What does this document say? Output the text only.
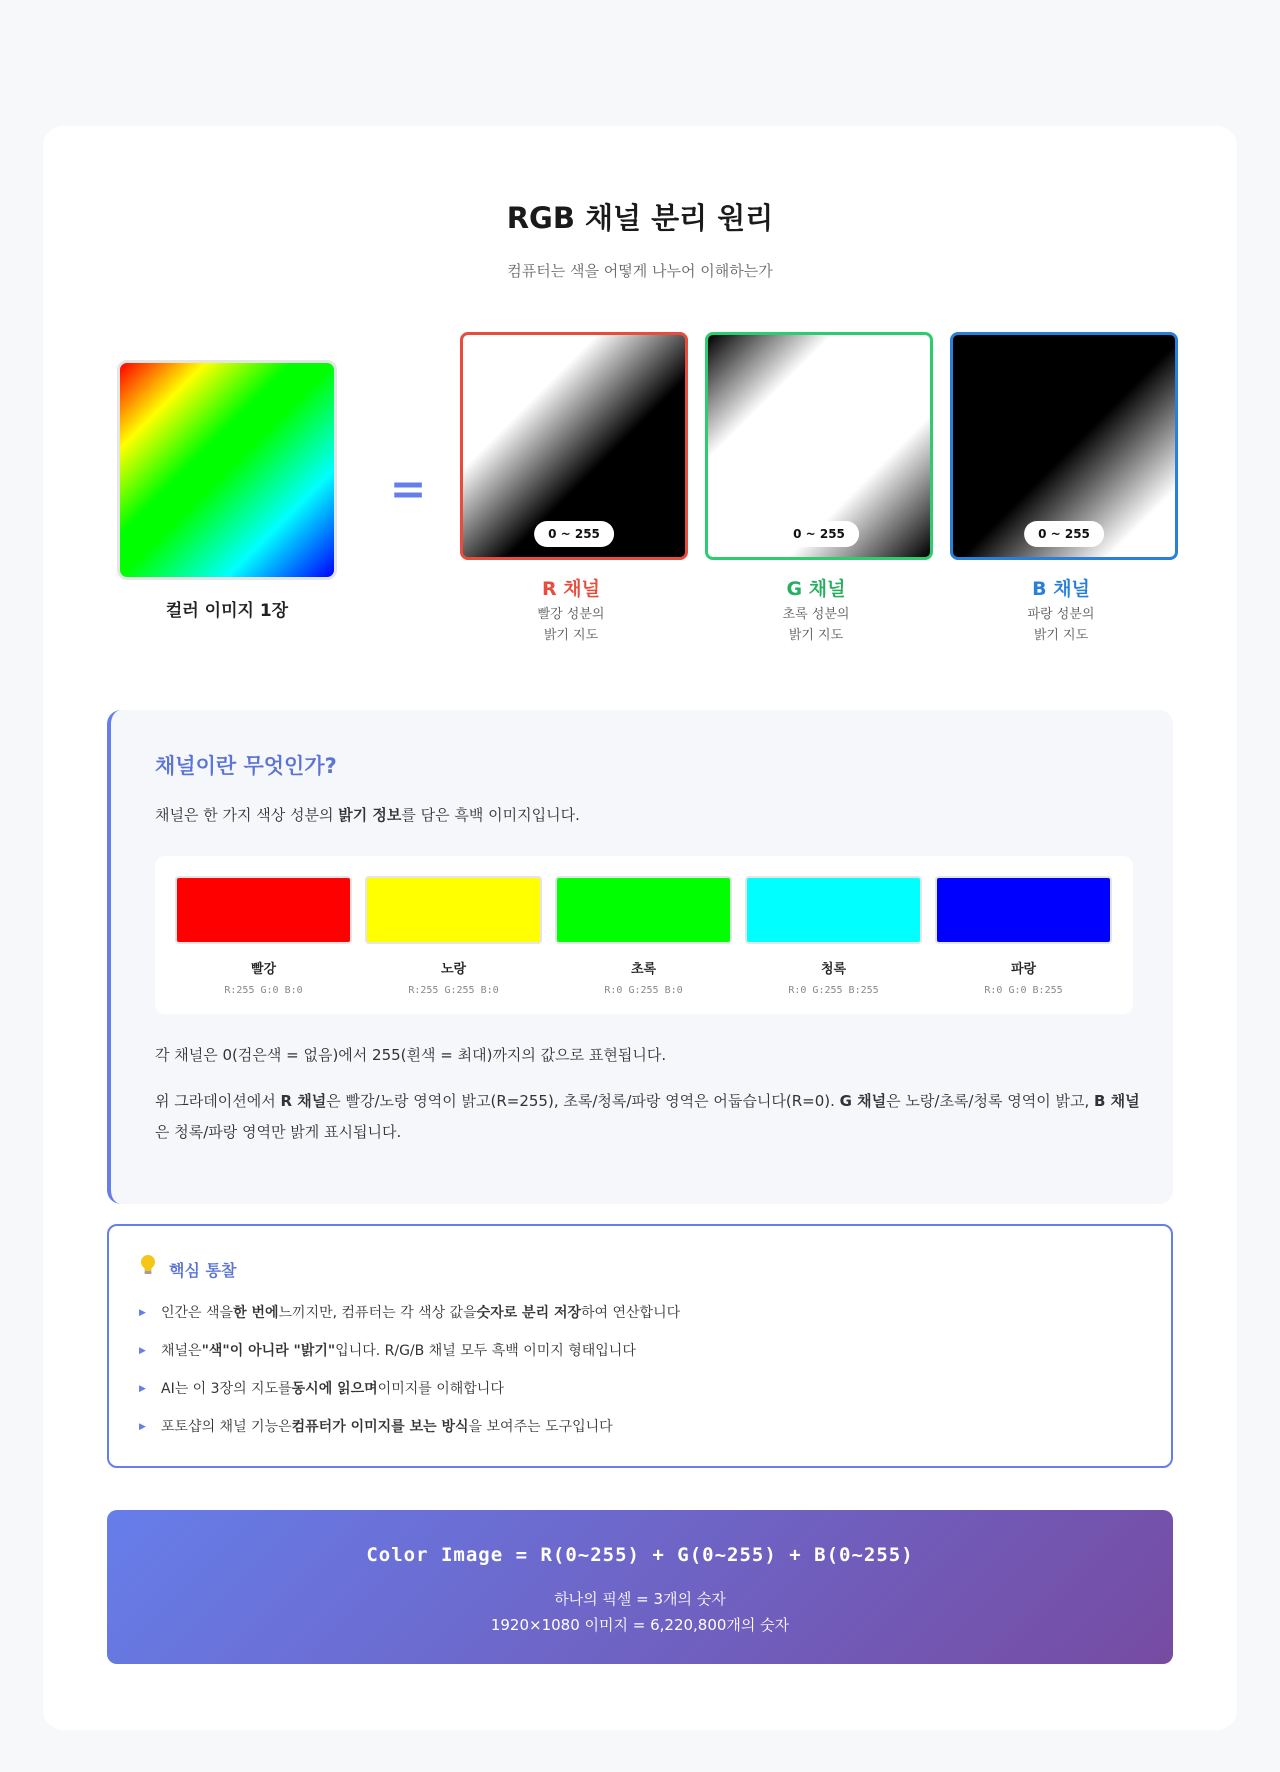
RGB 채널 분리 원리
컴퓨터는 색을 어떻게 나누어 이해하는가
컬러 이미지 1장
=
0 ~ 255	0 ~ 255	0 ~ 255
R 채널	G 채널	B 채널
빨강 성분의
밝기 지도
초록 성분의
밝기 지도
파랑 성분의
밝기 지도
채널이란 무엇인가?
채널은 한 가지 색상 성분의 밝기 정보를 담은 흑백 이미지입니다.
빨강
R:255 G:0 B:0
노랑
R:255 G:255 B:0
초록
R:0 G:255 B:0
청록
R:0 G:255 B:255
파랑
R:0 G:0 B:255
각 채널은 0(검은색 = 없음)에서 255(흰색 = 최대)까지의 값으로 표현됩니다.
위 그라데이션에서 R 채널은 빨강/노랑 영역이 밝고(R=255), 초록/청록/파랑 영역은 어둡습니다(R=0). G 채널은 노랑/초록/청록 영역이 밝고, B 채널은 청록/파랑 영역만 밝게 표시됩니다.
핵심 통찰
▶ 인간은 색을한 번에느끼지만, 컴퓨터는 각 색상 값을숫자로 분리 저장하여 연산합니다
▶ 채널은"색"이 아니라 "밝기"입니다. R/G/B 채널 모두 흑백 이미지 형태입니다
▶ AI는 이 3장의 지도를동시에 읽으며이미지를 이해합니다
▶ 포토샵의 채널 기능은컴퓨터가 이미지를 보는 방식을 보여주는 도구입니다
Color Image = R(0~255) + G(0~255) + B(0~255)
하나의 픽셀 = 3개의 숫자
1920×1080 이미지 = 6,220,800개의 숫자
